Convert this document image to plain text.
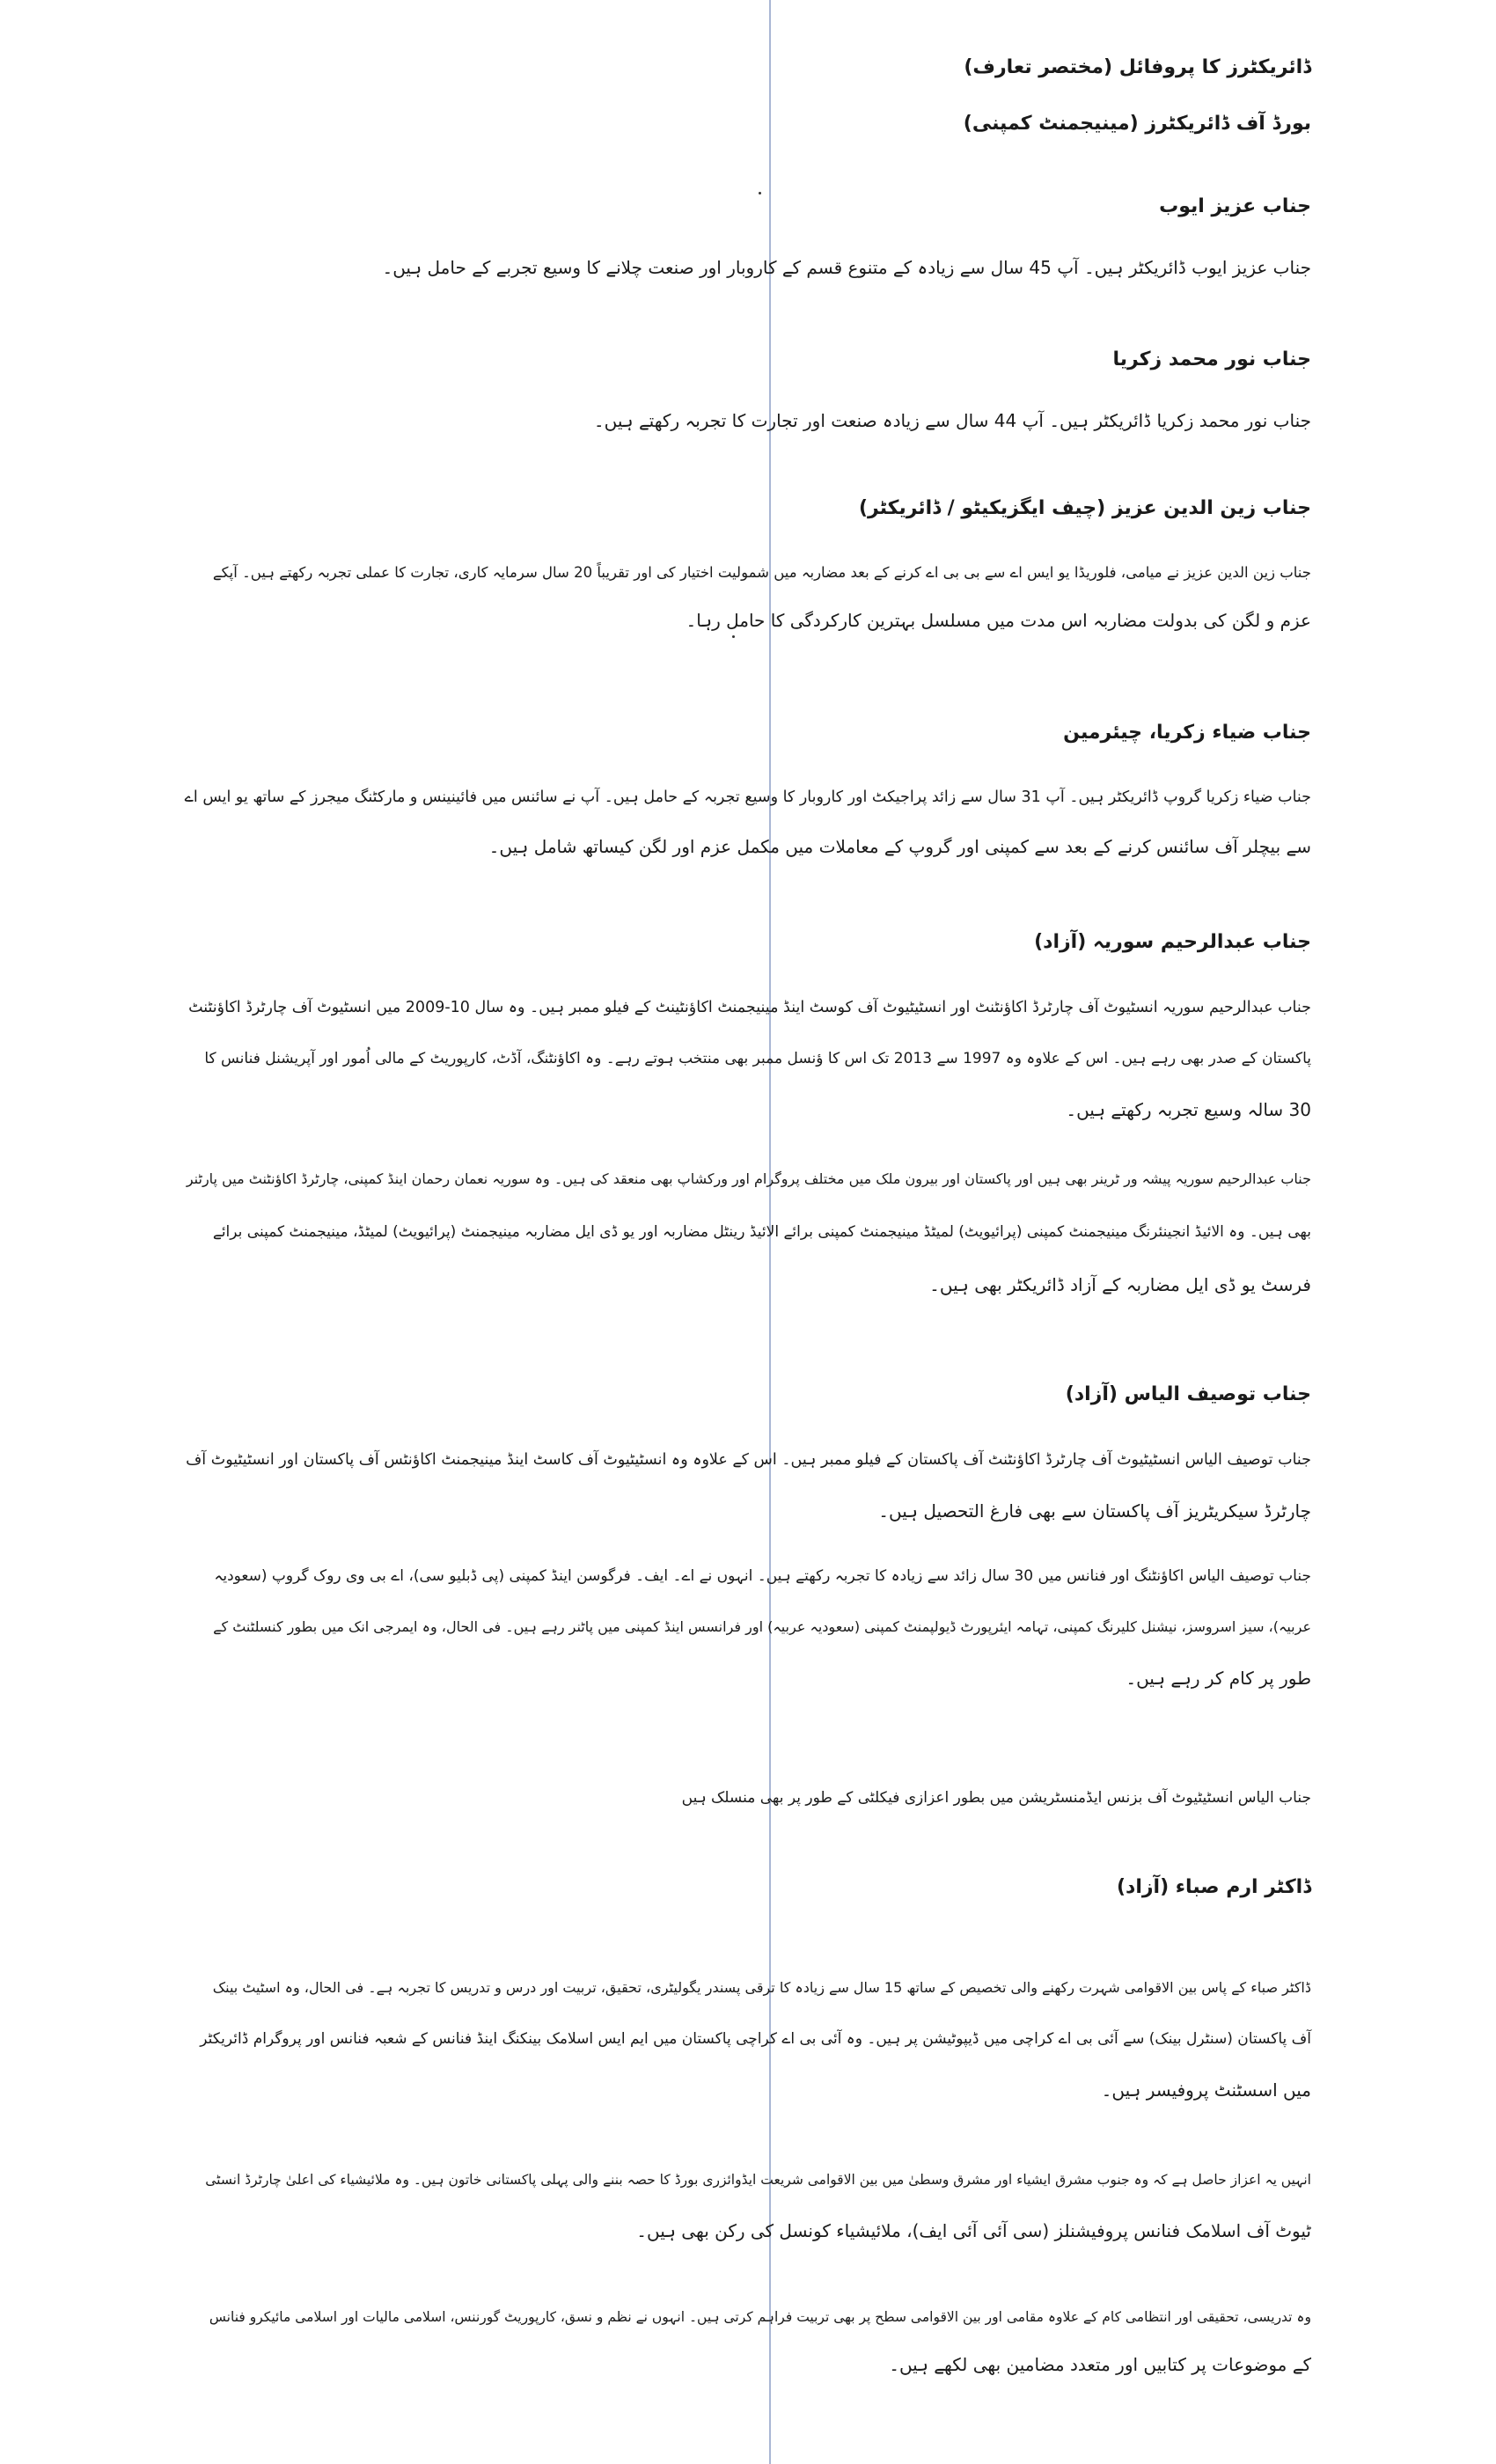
ڈائریکٹرز کا پروفائل (مختصر تعارف)
بورڈ آف ڈائریکٹرز (مینیجمنٹ کمپنی)
جناب عزیز ایوب
جناب عزیز ایوب ڈائریکٹر ہیں۔ آپ 45 سال سے زیادہ کے متنوع قسم کے کاروبار اور صنعت چلانے کا وسیع تجربے کے حامل ہیں۔
جناب نور محمد زکریا
جناب نور محمد زکریا ڈائریکٹر ہیں۔ آپ 44 سال سے زیادہ صنعت اور تجارت کا تجربہ رکھتے ہیں۔
جناب زین الدین عزیز (چیف ایگزیکیٹو / ڈائریکٹر)
جناب زین الدین عزیز نے میامی، فلوریڈا یو ایس اے سے بی بی اے کرنے کے بعد مضاربہ میں شمولیت اختیار کی اور تقریباً 20 سال سرمایہ کاری، تجارت کا عملی تجربہ رکھتے ہیں۔ آپکے
عزم و لگن کی بدولت مضاربہ اس مدت میں مسلسل بہترین کارکردگی کا حامل رہا۔
جناب ضیاء زکریا، چیئرمین
جناب ضیاء زکریا گروپ ڈائریکٹر ہیں۔ آپ 31 سال سے زائد پراجیکٹ اور کاروبار کا وسیع تجربہ کے حامل ہیں۔ آپ نے سائنس میں فائینینس و مارکٹنگ میجرز کے ساتھ یو ایس اے
سے بیچلر آف سائنس کرنے کے بعد سے کمپنی اور گروپ کے معاملات میں مکمل عزم اور لگن کیساتھ شامل ہیں۔
جناب عبدالرحیم سوریہ (آزاد)
جناب عبدالرحیم سوریہ انسٹیوٹ آف چارٹرڈ اکاؤنٹنٹ اور انسٹیٹیوٹ آف کوسٹ اینڈ مینیجمنٹ اکاؤنٹینٹ کے فیلو ممبر ہیں۔ وہ سال 10-2009 میں انسٹیوٹ آف چارٹرڈ اکاؤنٹنٹ
پاکستان کے صدر بھی رہے ہیں۔ اس کے علاوہ وہ 1997 سے 2013 تک اس کا ؤنسل ممبر بھی منتخب ہوتے رہے۔ وہ اکاؤنٹنگ، آڈٹ، کارپوریٹ کے مالی اُمور اور آپریشنل فنانس کا
30 سالہ وسیع تجربہ رکھتے ہیں۔
جناب عبدالرحیم سوریہ پیشہ ور ٹرینر بھی ہیں اور پاکستان اور بیرون ملک میں مختلف پروگرام اور ورکشاپ بھی منعقد کی ہیں۔ وہ سوریہ نعمان رحمان اینڈ کمپنی، چارٹرڈ اکاؤنٹنٹ میں پارٹنر
بھی ہیں۔ وہ الائیڈ انجینئرنگ مینیجمنٹ کمپنی (پرائیویٹ) لمیٹڈ مینیجمنٹ کمپنی برائے الائیڈ رینٹل مضاربہ اور یو ڈی ایل مضاربہ مینیجمنٹ (پرائیویٹ) لمیٹڈ، مینیجمنٹ کمپنی برائے
فرسٹ یو ڈی ایل مضاربہ کے آزاد ڈائریکٹر بھی ہیں۔
جناب توصیف الیاس (آزاد)
جناب توصیف الیاس انسٹیٹیوٹ آف چارٹرڈ اکاؤنٹنٹ آف پاکستان کے فیلو ممبر ہیں۔ اس کے علاوہ وہ انسٹیٹیوٹ آف کاسٹ اینڈ مینیجمنٹ اکاؤنٹس آف پاکستان اور انسٹیٹیوٹ آف
چارٹرڈ سیکریٹریز آف پاکستان سے بھی فارغ التحصیل ہیں۔
جناب توصیف الیاس اکاؤنٹنگ اور فنانس میں 30 سال زائد سے زیادہ کا تجربہ رکھتے ہیں۔ انہوں نے اے۔ ایف۔ فرگوسن اینڈ کمپنی (پی ڈبلیو سی)، اے بی وی روک گروپ (سعودیہ
عربیہ)، سیز اسروسز، نیشنل کلیرنگ کمپنی، تہامہ ایئرپورٹ ڈیولپمنٹ کمپنی (سعودیہ عربیہ) اور فرانسس اینڈ کمپنی میں پاٹنر رہے ہیں۔ فی الحال، وہ ایمرجی انک میں بطور کنسلٹنٹ کے
طور پر کام کر رہے ہیں۔
جناب الیاس انسٹیٹیوٹ آف بزنس ایڈمنسٹریشن میں بطور اعزازی فیکلٹی کے طور پر بھی منسلک ہیں
ڈاکٹر ارم صباء (آزاد)
ڈاکٹر صباء کے پاس بین الاقوامی شہرت رکھنے والی تخصیص کے ساتھ 15 سال سے زیادہ کا ترقی پسندر یگولیٹری، تحقیق، تربیت اور درس و تدریس کا تجربہ ہے۔ فی الحال، وہ اسٹیٹ بینک
آف پاکستان (سنٹرل بینک) سے آئی بی اے کراچی میں ڈیپوٹیشن پر ہیں۔ وہ آئی بی اے کراچی پاکستان میں ایم ایس اسلامک بینکنگ اینڈ فنانس کے شعبہ فنانس اور پروگرام ڈائریکٹر
میں اسسٹنٹ پروفیسر ہیں۔
انہیں یہ اعزاز حاصل ہے کہ وہ جنوب مشرق ایشیاء اور مشرق وسطیٰ میں بین الاقوامی شریعت ایڈوائزری بورڈ کا حصہ بننے والی پہلی پاکستانی خاتون ہیں۔ وہ ملائیشیاء کی اعلیٰ چارٹرڈ انسٹی
ٹیوٹ آف اسلامک فنانس پروفیشنلز (سی آئی آئی ایف)، ملائیشیاء کونسل کی رکن بھی ہیں۔
وہ تدریسی، تحقیقی اور انتظامی کام کے علاوہ مقامی اور بین الاقوامی سطح پر بھی تربیت فراہم کرتی ہیں۔ انہوں نے نظم و نسق، کارپوریٹ گورننس، اسلامی مالیات اور اسلامی مائیکرو فنانس
کے موضوعات پر کتابیں اور متعدد مضامین بھی لکھے ہیں۔
